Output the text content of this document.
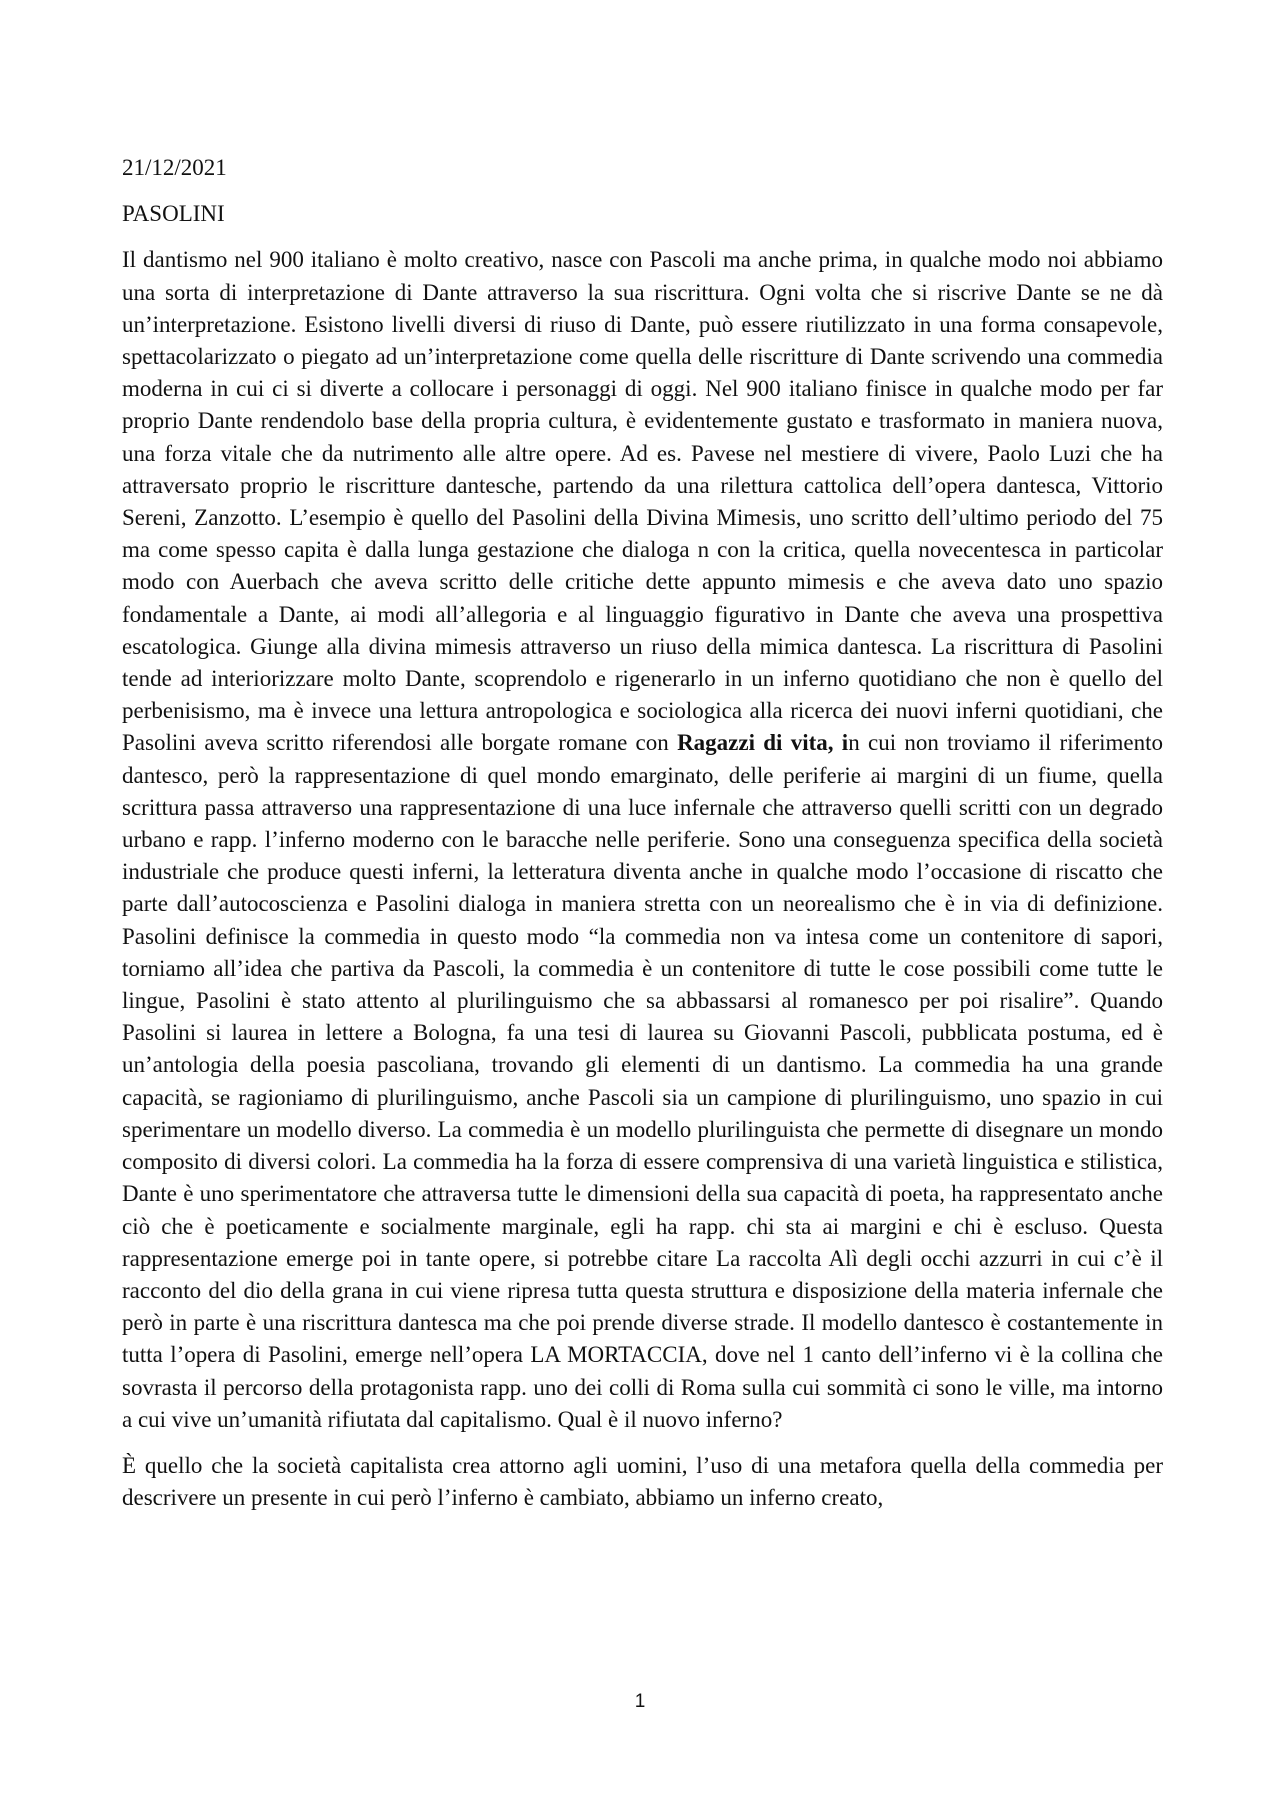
21/12/2021

PASOLINI

Il dantismo nel 900 italiano è molto creativo, nasce con Pascoli ma anche prima, in qualche modo noi abbiamo una sorta di interpretazione di Dante attraverso la sua riscrittura. Ogni volta che si riscrive Dante se ne dà un’interpretazione. Esistono livelli diversi di riuso di Dante, può essere riutilizzato in una forma consapevole, spettacolarizzato o piegato ad un’interpretazione come quella delle riscritture di Dante scrivendo una commedia moderna in cui ci si diverte a collocare i personaggi di oggi. Nel 900 italiano finisce in qualche modo per far proprio Dante rendendolo base della propria cultura, è evidentemente gustato e trasformato in maniera nuova, una forza vitale che da nutrimento alle altre opere. Ad es. Pavese nel mestiere di vivere, Paolo Luzi che ha attraversato proprio le riscritture dantesche, partendo da una rilettura cattolica dell’opera dantesca, Vittorio Sereni, Zanzotto. L’esempio è quello del Pasolini della Divina Mimesis, uno scritto dell’ultimo periodo del 75 ma come spesso capita è dalla lunga gestazione che dialoga n con la critica, quella novecentesca in particolar modo con Auerbach che aveva scritto delle critiche dette appunto mimesis e che aveva dato uno spazio fondamentale a Dante, ai modi all’allegoria e al linguaggio figurativo in Dante che aveva una prospettiva escatologica. Giunge alla divina mimesis attraverso un riuso della mimica dantesca. La riscrittura di Pasolini tende ad interiorizzare molto Dante, scoprendolo e rigenerarlo in un inferno quotidiano che non è quello del perbenisismo, ma è invece una lettura antropologica e sociologica alla ricerca dei nuovi inferni quotidiani, che Pasolini aveva scritto riferendosi alle borgate romane con Ragazzi di vita, in cui non troviamo il riferimento dantesco, però la rappresentazione di quel mondo emarginato, delle periferie ai margini di un fiume, quella scrittura passa attraverso una rappresentazione di una luce infernale che attraverso quelli scritti con un degrado urbano e rapp. l’inferno moderno con le baracche nelle periferie. Sono una conseguenza specifica della società industriale che produce questi inferni, la letteratura diventa anche in qualche modo l’occasione di riscatto che parte dall’autocoscienza e Pasolini dialoga in maniera stretta con un neorealismo che è in via di definizione. Pasolini definisce la commedia in questo modo “la commedia non va intesa come un contenitore di sapori, torniamo all’idea che partiva da Pascoli, la commedia è un contenitore di tutte le cose possibili come tutte le lingue, Pasolini è stato attento al plurilinguismo che sa abbassarsi al romanesco per poi risalire”. Quando Pasolini si laurea in lettere a Bologna, fa una tesi di laurea su Giovanni Pascoli, pubblicata postuma, ed è un’antologia della poesia pascoliana, trovando gli elementi di un dantismo. La commedia ha una grande capacità, se ragioniamo di plurilinguismo, anche Pascoli sia un campione di plurilinguismo, uno spazio in cui sperimentare un modello diverso. La commedia è un modello plurilinguista che permette di disegnare un mondo composito di diversi colori. La commedia ha la forza di essere comprensiva di una varietà linguistica e stilistica, Dante è uno sperimentatore che attraversa tutte le dimensioni della sua capacità di poeta, ha rappresentato anche ciò che è poeticamente e socialmente marginale, egli ha rapp. chi sta ai margini e chi è escluso. Questa rappresentazione emerge poi in tante opere, si potrebbe citare La raccolta Alì degli occhi azzurri in cui c’è il racconto del dio della grana in cui viene ripresa tutta questa struttura e disposizione della materia infernale che però in parte è una riscrittura dantesca ma che poi prende diverse strade. Il modello dantesco è costantemente in tutta l’opera di Pasolini, emerge nell’opera LA MORTACCIA, dove nel 1 canto dell’inferno vi è la collina che sovrasta il percorso della protagonista rapp. uno dei colli di Roma sulla cui sommità ci sono le ville, ma intorno a cui vive un’umanità rifiutata dal capitalismo. Qual è il nuovo inferno?

È quello che la società capitalista crea attorno agli uomini, l’uso di una metafora quella della commedia per descrivere un presente in cui però l’inferno è cambiato, abbiamo un inferno creato,

1
